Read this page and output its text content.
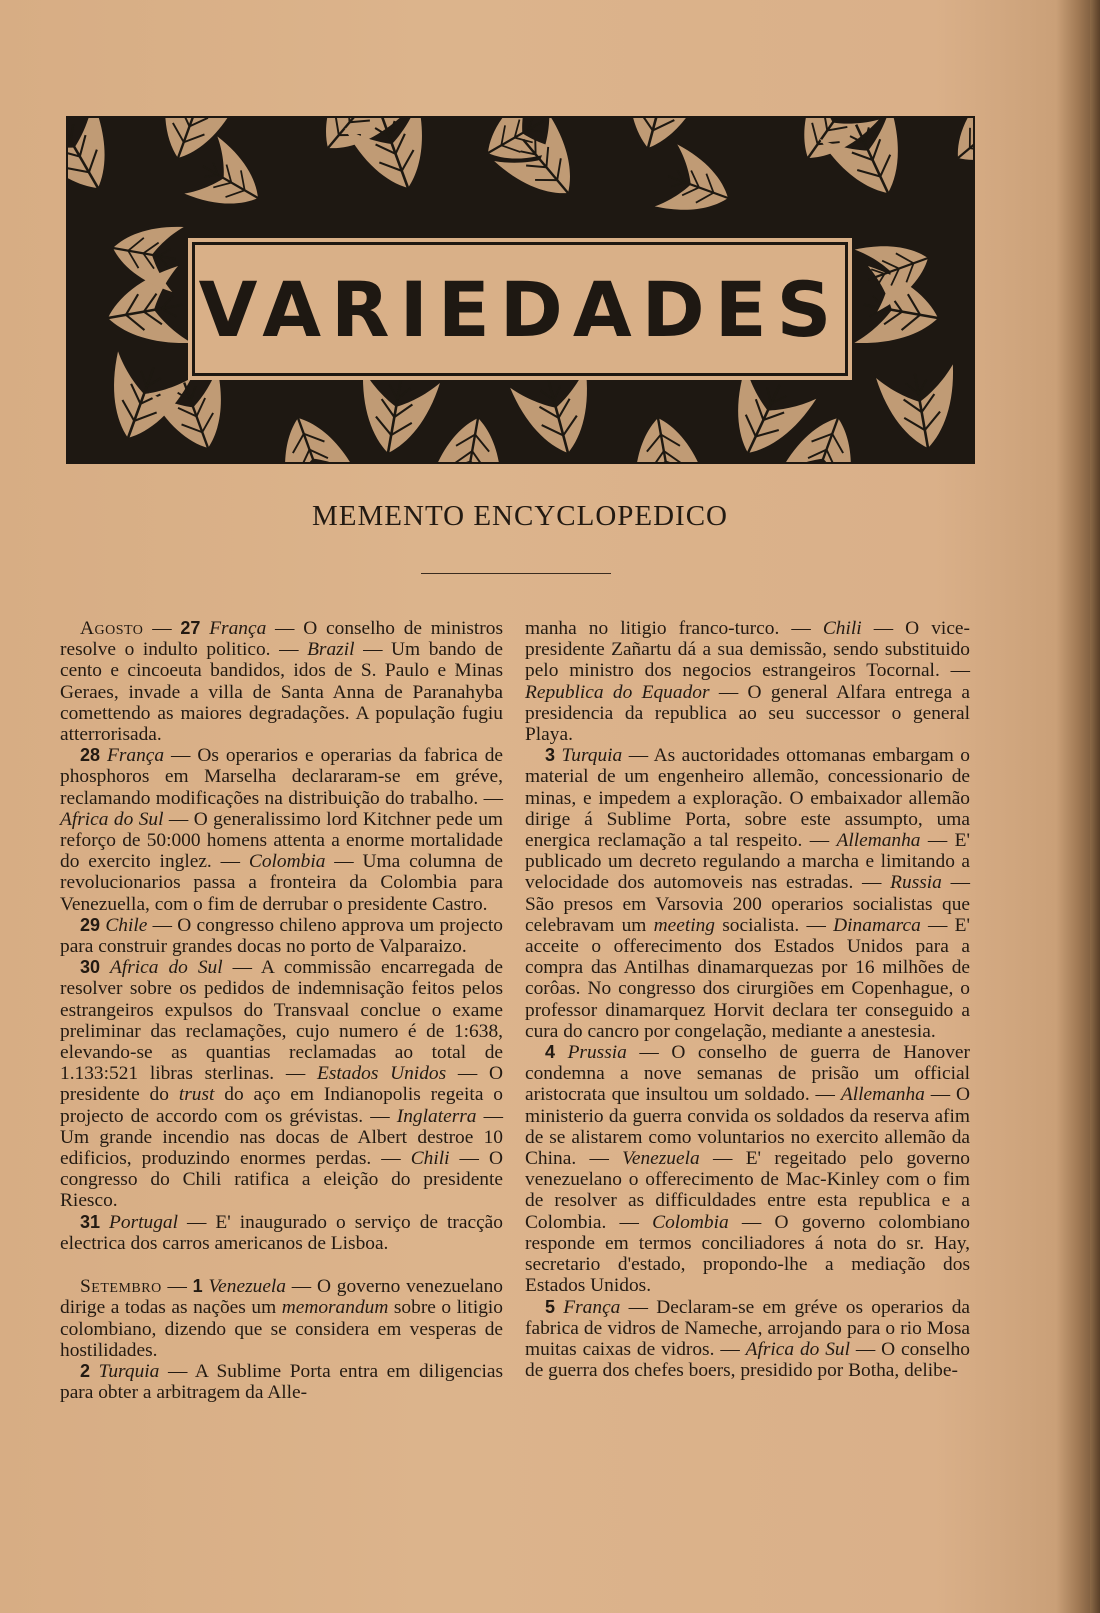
VARIEDADES
MEMENTO ENCYCLOPEDICO

Agosto — 27 França — O conselho de ministros resolve o indulto politico. — Brazil — Um bando de cento e cincoeuta bandidos, idos de S. Paulo e Minas Geraes, invade a villa de Santa Anna de Paranahyba comettendo as maiores degradações. A população fugiu atterrorisada.

28 França — Os operarios e operarias da fabrica de phosphoros em Marselha declararam-se em gréve, reclamando modificações na distribuição do trabalho. — Africa do Sul — O generalissimo lord Kitchner pede um reforço de 50:000 homens attenta a enorme mortalidade do exercito inglez. — Colombia — Uma columna de revolucionarios passa a fronteira da Colombia para Venezuella, com o fim de derrubar o presidente Castro.

29 Chile — O congresso chileno approva um projecto para construir grandes docas no porto de Valparaizo.

30 Africa do Sul — A commissão encarregada de resolver sobre os pedidos de indemnisação feitos pelos estrangeiros expulsos do Transvaal conclue o exame preliminar das reclamações, cujo numero é de 1:638, elevando-se as quantias reclamadas ao total de 1.133:521 libras sterlinas. — Estados Unidos — O presidente do trust do aço em Indianopolis regeita o projecto de accordo com os grévistas. — Inglaterra — Um grande incendio nas docas de Albert destroe 10 edificios, produzindo enormes perdas. — Chili — O congresso do Chili ratifica a eleição do presidente Riesco.

31 Portugal — E' inaugurado o serviço de tracção electrica dos carros americanos de Lisboa.

Setembro — 1 Venezuela — O governo venezuelano dirige a todas as nações um memorandum sobre o litigio colombiano, dizendo que se considera em vesperas de hostilidades.

2 Turquia — A Sublime Porta entra em diligencias para obter a arbitragem da Alle-

manha no litigio franco-turco. — Chili — O vice-presidente Zañartu dá a sua demissão, sendo substituido pelo ministro dos negocios estrangeiros Tocornal. — Republica do Equador — O general Alfara entrega a presidencia da republica ao seu successor o general Playa.

3 Turquia — As auctoridades ottomanas embargam o material de um engenheiro allemão, concessionario de minas, e impedem a exploração. O embaixador allemão dirige á Sublime Porta, sobre este assumpto, uma energica reclamação a tal respeito. — Allemanha — E' publicado um decreto regulando a marcha e limitando a velocidade dos automoveis nas estradas. — Russia — São presos em Varsovia 200 operarios socialistas que celebravam um meeting socialista. — Dinamarca — E' acceite o offerecimento dos Estados Unidos para a compra das Antilhas dinamarquezas por 16 milhões de corôas. No congresso dos cirurgiões em Copenhague, o professor dinamarquez Horvit declara ter conseguido a cura do cancro por congelação, mediante a anestesia.

4 Prussia — O conselho de guerra de Hanover condemna a nove semanas de prisão um official aristocrata que insultou um soldado. — Allemanha — O ministerio da guerra convida os soldados da reserva afim de se alistarem como voluntarios no exercito allemão da China. — Venezuela — E' regeitado pelo governo venezuelano o offerecimento de Mac-Kinley com o fim de resolver as difficuldades entre esta republica e a Colombia. — Colombia — O governo colombiano responde em termos conciliadores á nota do sr. Hay, secretario d'estado, propondo-lhe a mediação dos Estados Unidos.

5 França — Declaram-se em gréve os operarios da fabrica de vidros de Nameche, arrojando para o rio Mosa muitas caixas de vidros. — Africa do Sul — O conselho de guerra dos chefes boers, presidido por Botha, delibe-
